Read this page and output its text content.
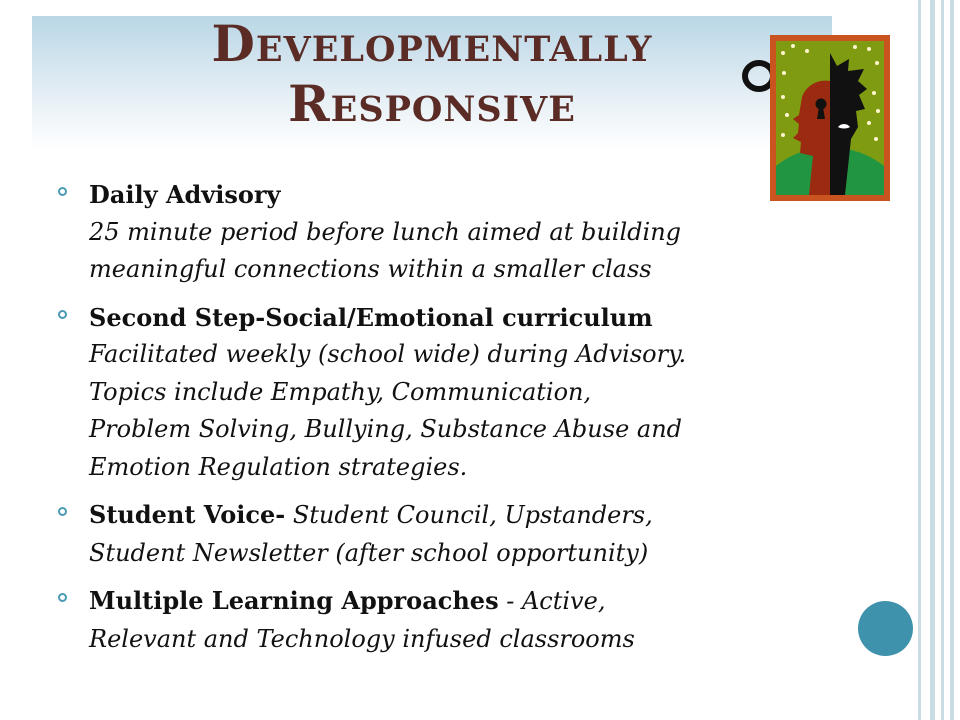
Developmentally
Responsive
Daily Advisory
25 minute period before lunch aimed at building
meaningful connections within a smaller class
Second Step-Social/Emotional curriculum
Facilitated weekly (school wide) during Advisory.
Topics include Empathy, Communication,
Problem Solving, Bullying, Substance Abuse and
Emotion Regulation strategies.
Student Voice- Student Council, Upstanders,
Student Newsletter (after school opportunity)
Multiple Learning Approaches - Active,
Relevant and Technology infused classrooms
